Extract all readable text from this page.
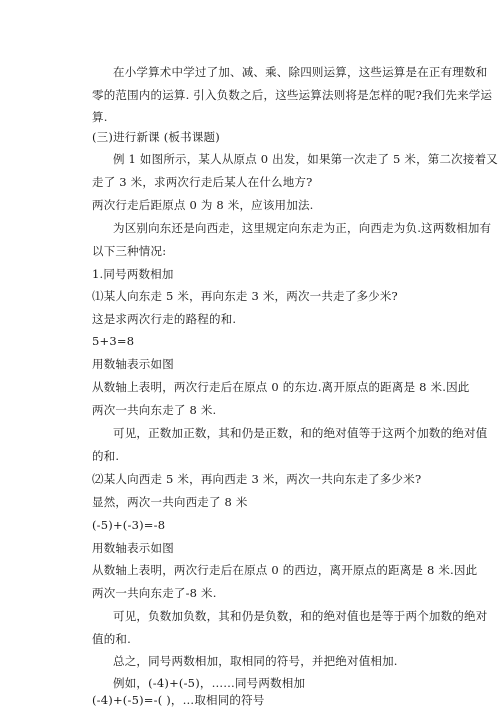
在小学算术中学过了加、减、乘、除四则运算，这些运算是在正有理数和
零的范围内的运算. 引入负数之后，这些运算法则将是怎样的呢?我们先来学运
算.
(三)进行新课 (板书课题)
例 1 如图所示，某人从原点 0 出发，如果第一次走了 5 米，第二次接着又
走了 3 米，求两次行走后某人在什么地方?
两次行走后距原点 0 为 8 米，应该用加法.
为区别向东还是向西走，这里规定向东走为正，向西走为负.这两数相加有
以下三种情况:
1.同号两数相加
⑴某人向东走 5 米，再向东走 3 米，两次一共走了多少米?
这是求两次行走的路程的和.
5+3=8
用数轴表示如图
从数轴上表明，两次行走后在原点 0 的东边.离开原点的距离是 8 米.因此
两次一共向东走了 8 米.
可见，正数加正数，其和仍是正数，和的绝对值等于这两个加数的绝对值
的和.
⑵某人向西走 5 米，再向西走 3 米，两次一共向东走了多少米?
显然，两次一共向西走了 8 米
(-5)+(-3)=-8
用数轴表示如图
从数轴上表明，两次行走后在原点 0 的西边，离开原点的距离是 8 米.因此
两次一共向东走了-8 米.
可见，负数加负数，其和仍是负数，和的绝对值也是等于两个加数的绝对
值的和.
总之，同号两数相加，取相同的符号，并把绝对值相加.
例如，(-4)+(-5)，……同号两数相加
(-4)+(-5)=-( )，…取相同的符号
